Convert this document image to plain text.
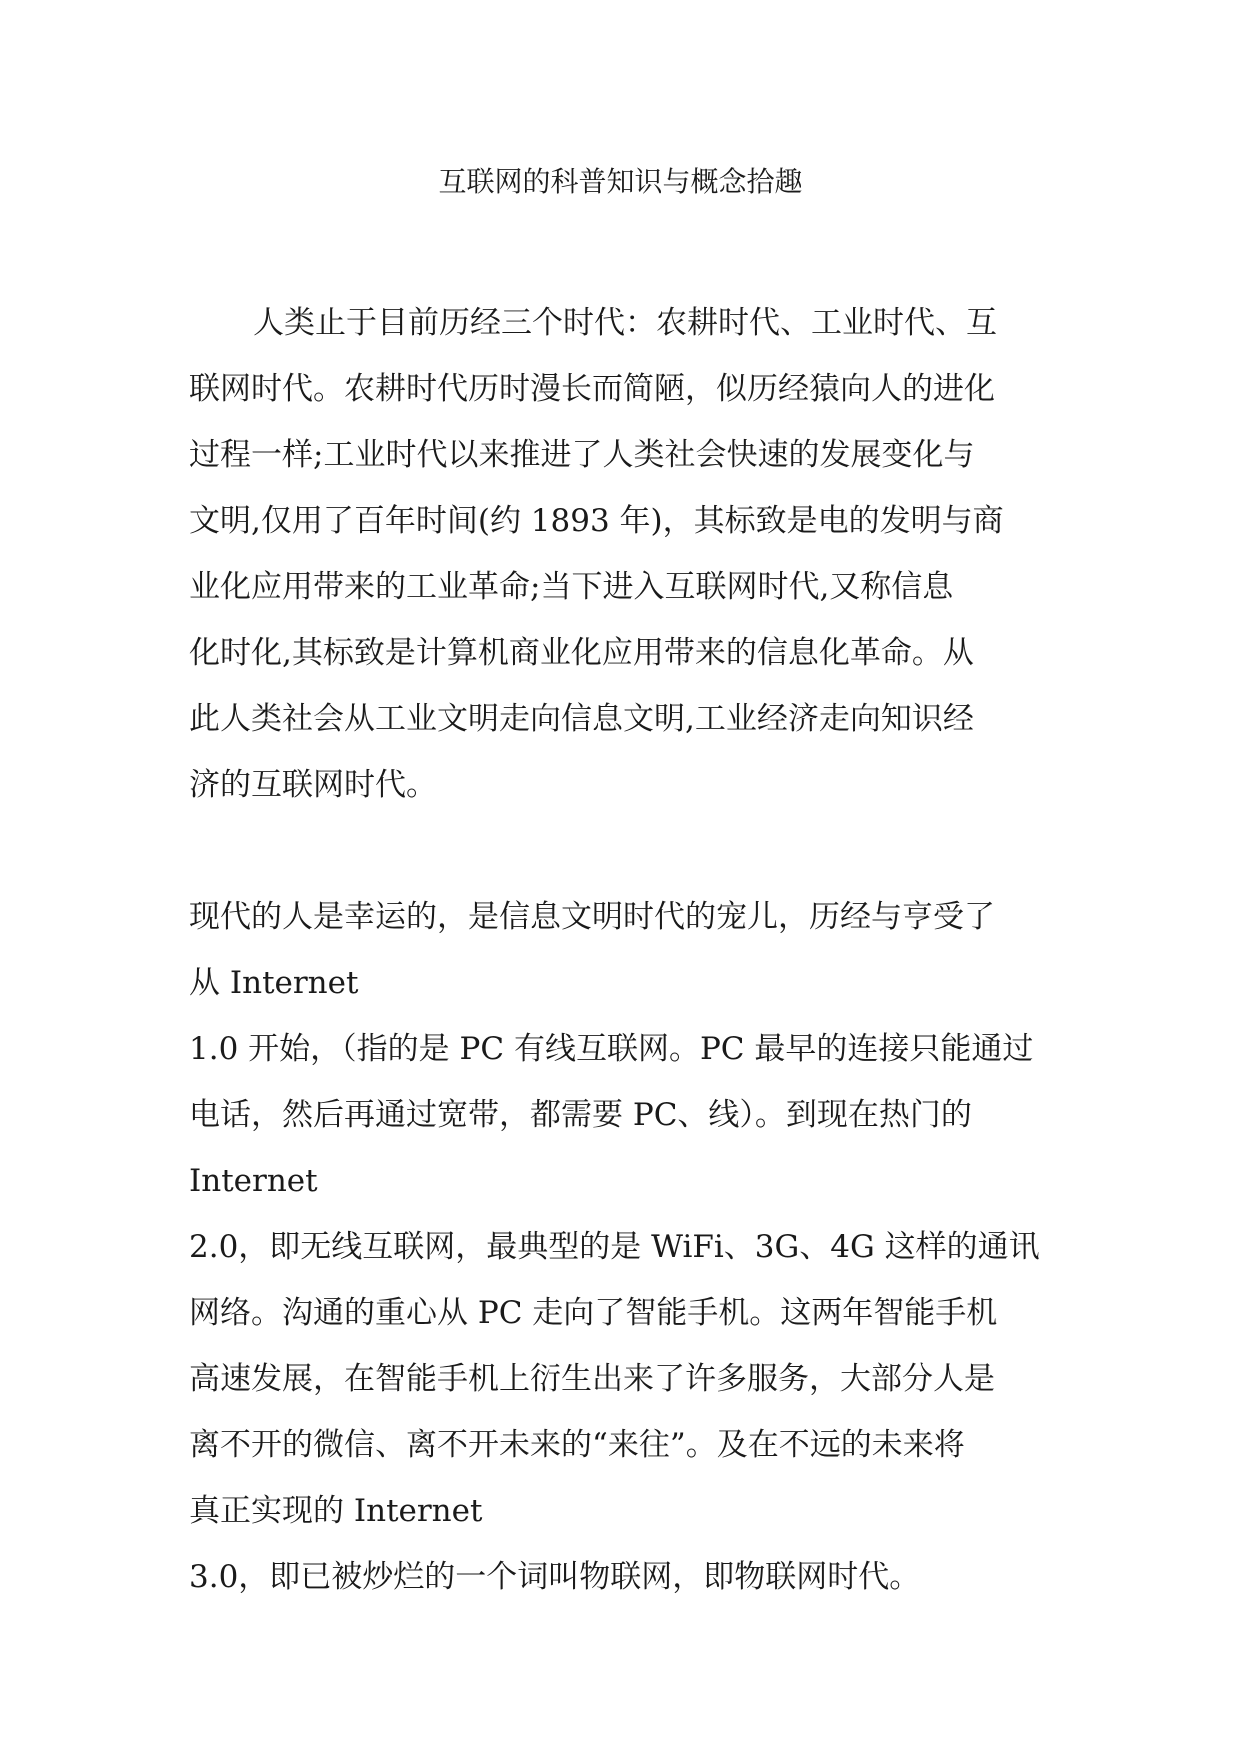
互联网的科普知识与概念拾趣
人类止于目前历经三个时代：农耕时代、工业时代、互
联网时代。农耕时代历时漫长而简陋，似历经猿向人的进化
过程一样;工业时代以来推进了人类社会快速的发展变化与
文明,仅用了百年时间(约 1893 年)，其标致是电的发明与商
业化应用带来的工业革命;当下进入互联网时代,又称信息
化时化,其标致是计算机商业化应用带来的信息化革命。从
此人类社会从工业文明走向信息文明,工业经济走向知识经
济的互联网时代。
现代的人是幸运的，是信息文明时代的宠儿，历经与亨受了
从 Internet
1.0 开始，（指的是 PC 有线互联网。PC 最早的连接只能通过
电话，然后再通过宽带，都需要 PC、线）。到现在热门的
Internet
2.0，即无线互联网，最典型的是 WiFi、3G、4G 这样的通讯
网络。沟通的重心从 PC 走向了智能手机。这两年智能手机
高速发展，在智能手机上衍生出来了许多服务，大部分人是
离不开的微信、离不开未来的“来往”。及在不远的未来将
真正实现的 Internet
3.0，即已被炒烂的一个词叫物联网，即物联网时代。
